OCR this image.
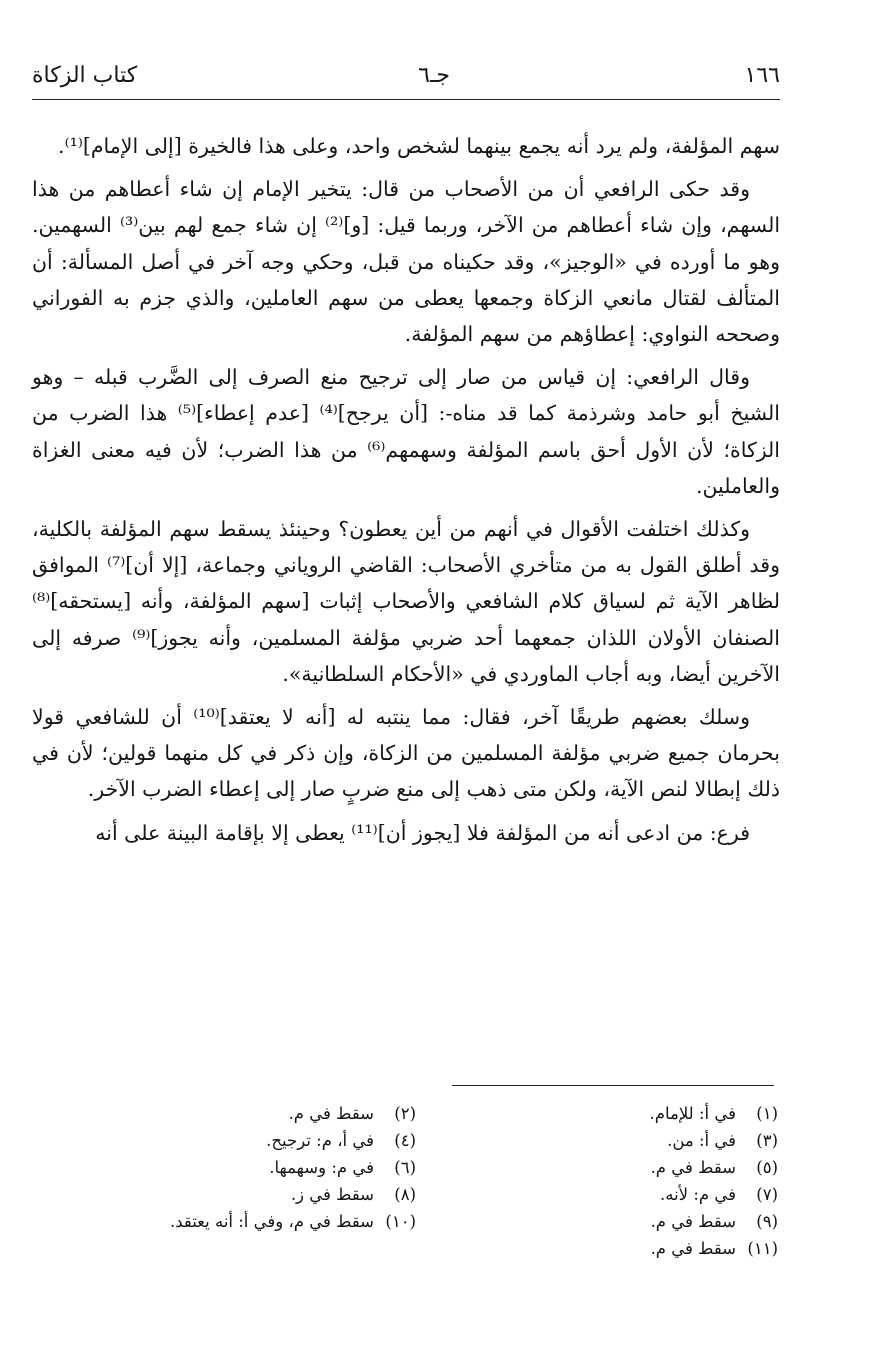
١٦٦
جـ٦
كتاب الزكاة

سهم المؤلفة، ولم يرد أنه يجمع بينهما لشخص واحد، وعلى هذا فالخيرة [إلى الإمام]⁽¹⁾.

وقد حكى الرافعي أن من الأصحاب من قال: يتخير الإمام إن شاء أعطاهم من هذا السهم، وإن شاء أعطاهم من الآخر، وربما قيل: [و]⁽²⁾ إن شاء جمع لهم بين⁽³⁾ السهمين. وهو ما أورده في «الوجيز»، وقد حكيناه من قبل، وحكي وجه آخر في أصل المسألة: أن المتألف لقتال مانعي الزكاة وجمعها يعطى من سهم العاملين، والذي جزم به الفوراني وصححه النواوي: إعطاؤهم من سهم المؤلفة.

وقال الرافعي: إن قياس من صار إلى ترجيح منع الصرف إلى الضَّرب قبله – وهو الشيخ أبو حامد وشرذمة كما قد مناه-: [أن يرجح]⁽⁴⁾ [عدم إعطاء]⁽⁵⁾ هذا الضرب من الزكاة؛ لأن الأول أحق باسم المؤلفة وسهمهم⁽⁶⁾ من هذا الضرب؛ لأن فيه معنى الغزاة والعاملين.

وكذلك اختلفت الأقوال في أنهم من أين يعطون؟ وحينئذ يسقط سهم المؤلفة بالكلية، وقد أطلق القول به من متأخري الأصحاب: القاضي الروياني وجماعة، [إلا أن]⁽⁷⁾ الموافق لظاهر الآية ثم لسياق كلام الشافعي والأصحاب إثبات [سهم المؤلفة، وأنه [يستحقه]⁽⁸⁾ الصنفان الأولان اللذان جمعهما أحد ضربي مؤلفة المسلمين، وأنه يجوز]⁽⁹⁾ صرفه إلى الآخرين أيضا، وبه أجاب الماوردي في «الأحكام السلطانية».

وسلك بعضهم طريقًا آخر، فقال: مما ينتبه له [أنه لا يعتقد]⁽¹⁰⁾ أن للشافعي قولا بحرمان جميع ضربي مؤلفة المسلمين من الزكاة، وإن ذكر في كل منهما قولين؛ لأن في ذلك إبطالا لنص الآية، ولكن متى ذهب إلى منع ضربٍ صار إلى إعطاء الضرب الآخر.

فرع: من ادعى أنه من المؤلفة فلا [يجوز أن]⁽¹¹⁾ يعطى إلا بإقامة البينة على أنه

(١)في أ: للإمام.
(٣)في أ: من.
(٥)سقط في م.
(٧)في م: لأنه.
(٩)سقط في م.
(١١)سقط في م.
(٢)سقط في م.
(٤)في أ، م: ترجيح.
(٦)في م: وسهمها.
(٨)سقط في ز.
(١٠)سقط في م، وفي أ: أنه يعتقد.
